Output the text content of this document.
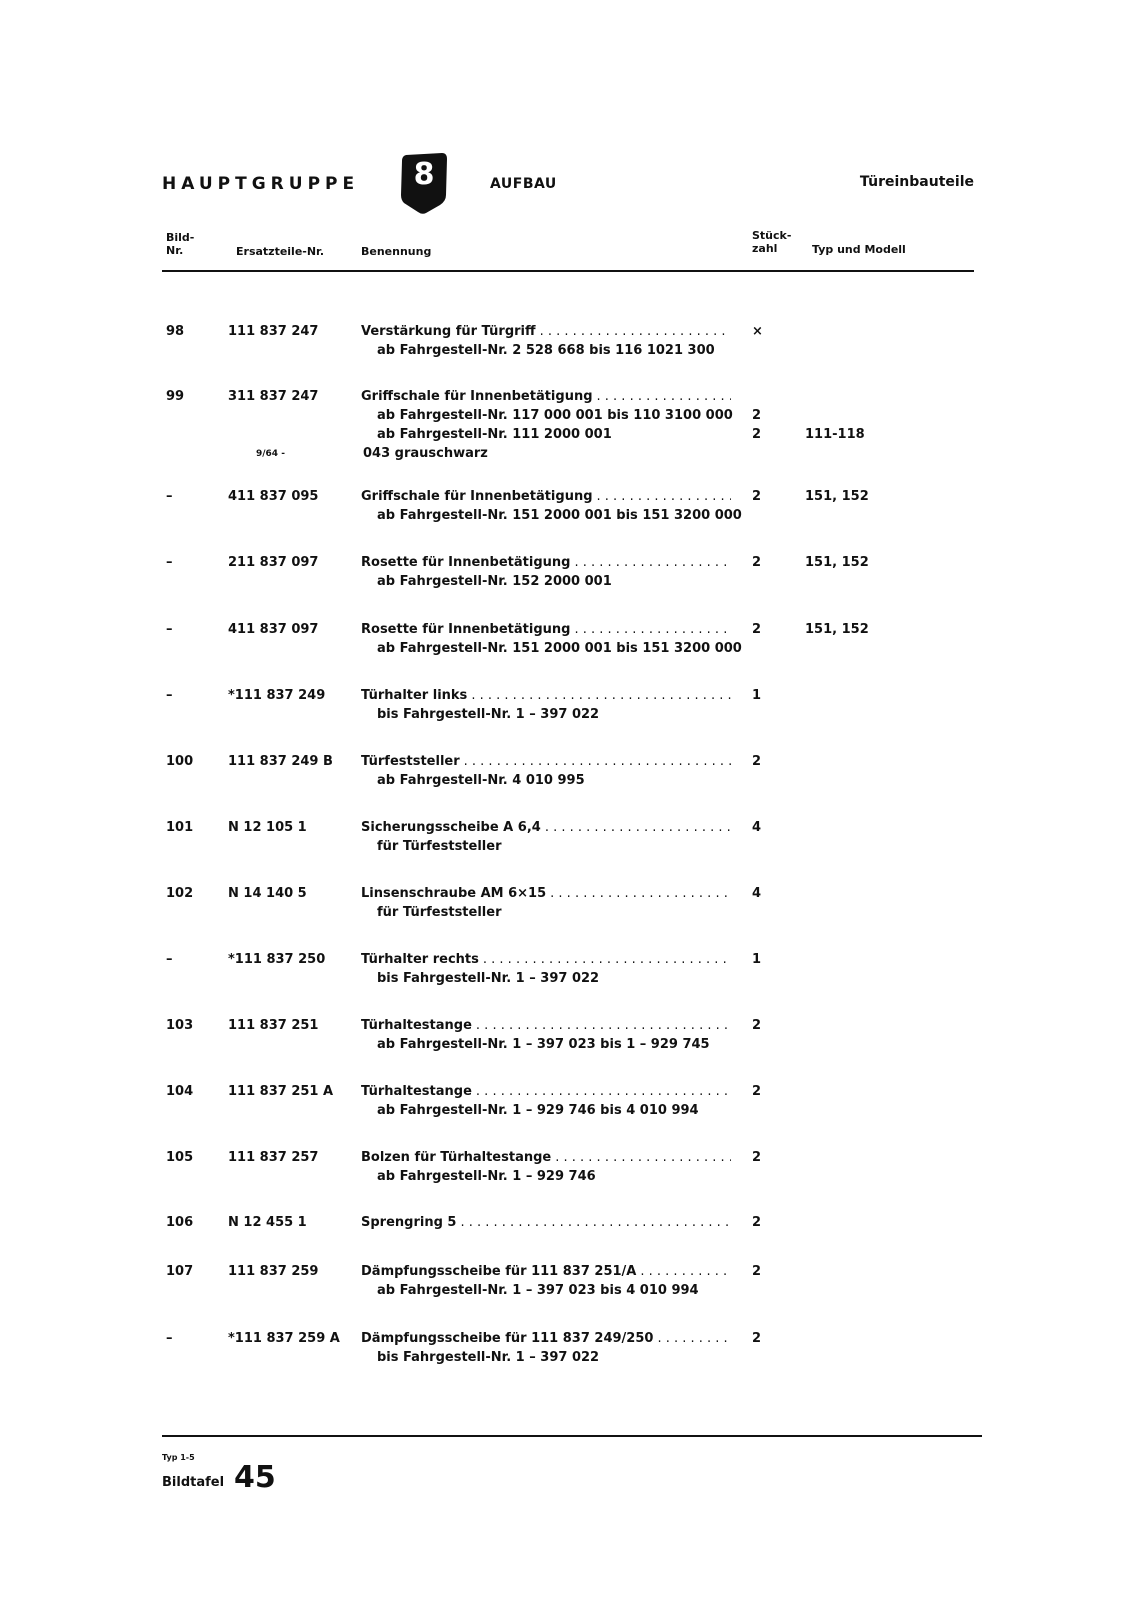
HAUPTGRUPPE	8	AUFBAU	Türeinbauteile
Bild-
Nr.	Ersatzteile-Nr.	Benennung
Stück-
zahl	Typ und Modell
98	111 837 247	Verstärkung für Türgriff
. . .
ab Fahrgestell-Nr. 2 528 668 bis 116 1021 300
×
99	311 837 247
9/64 -
Griffschale für Innenbetätigung
. . .
ab Fahrgestell-Nr. 117 000 001 bis 110 3100 000
ab Fahrgestell-Nr. 111 2000 001
043 grauschwarz
2
2	111-118
–	411 837 095	Griffschale für Innenbetätigung
. . .
ab Fahrgestell-Nr. 151 2000 001 bis 151 3200 000
2	151, 152
–	211 837 097	Rosette für Innenbetätigung
. . .
ab Fahrgestell-Nr. 152 2000 001
2	151, 152
–	411 837 097	Rosette für Innenbetätigung
. . .
ab Fahrgestell-Nr. 151 2000 001 bis 151 3200 000
2	151, 152
–	*111 837 249	Türhalter links
. . .
bis Fahrgestell-Nr. 1 – 397 022
1
100	111 837 249 B	Türfeststeller
. . .
ab Fahrgestell-Nr. 4 010 995
2
101	N 12 105 1	Sicherungsscheibe A 6,4
. . .
für Türfeststeller
4
102	N 14 140 5	Linsenschraube AM 6×15
. . .
für Türfeststeller
4
–	*111 837 250	Türhalter rechts
. . .
bis Fahrgestell-Nr. 1 – 397 022
1
103	111 837 251	Türhaltestange
. . .
ab Fahrgestell-Nr. 1 – 397 023 bis 1 – 929 745
2
104	111 837 251 A	Türhaltestange
. . .
ab Fahrgestell-Nr. 1 – 929 746 bis 4 010 994
2
105	111 837 257	Bolzen für Türhaltestange
. . .
ab Fahrgestell-Nr. 1 – 929 746
2
106	N 12 455 1	Sprengring 5
. . .	2
107	111 837 259	Dämpfungsscheibe für 111 837 251/A
. . .
ab Fahrgestell-Nr. 1 – 397 023 bis 4 010 994
2
–	*111 837 259 A	Dämpfungsscheibe für 111 837 249/250
. . .
bis Fahrgestell-Nr. 1 – 397 022
2
Typ 1-5
Bildtafel 45
